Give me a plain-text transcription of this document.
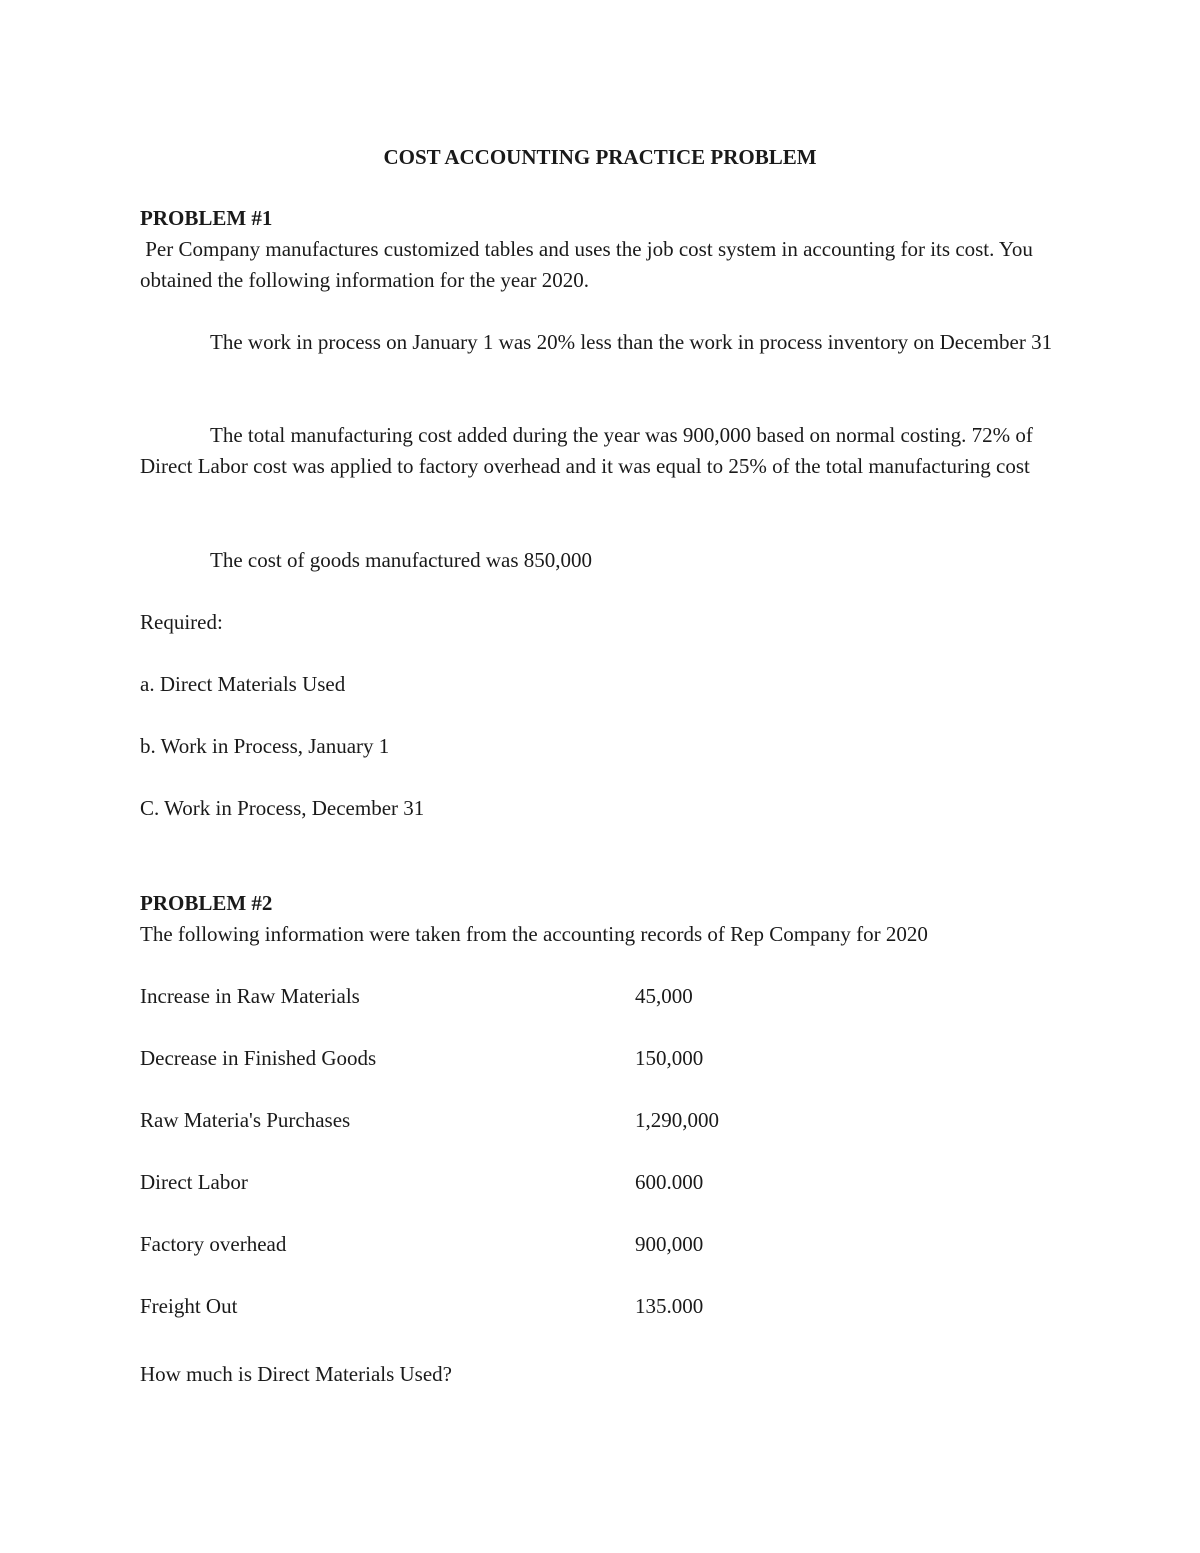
COST ACCOUNTING PRACTICE PROBLEM

PROBLEM #1

Per Company manufactures customized tables and uses the job cost system in accounting for its cost. You obtained the following information for the year 2020.

The work in process on January 1 was 20% less than the work in process inventory on December 31

The total manufacturing cost added during the year was 900,000 based on normal costing. 72% of Direct Labor cost was applied to factory overhead and it was equal to 25% of the total manufacturing cost

The cost of goods manufactured was 850,000

Required:

a. Direct Materials Used

b. Work in Process, January 1

C. Work in Process, December 31

PROBLEM #2

The following information were taken from the accounting records of Rep Company for 2020

Increase in Raw Materials	45,000
Decrease in Finished Goods	150,000
Raw Materia's Purchases	1,290,000
Direct Labor	600.000
Factory overhead	900,000
Freight Out	135.000

How much is Direct Materials Used?
